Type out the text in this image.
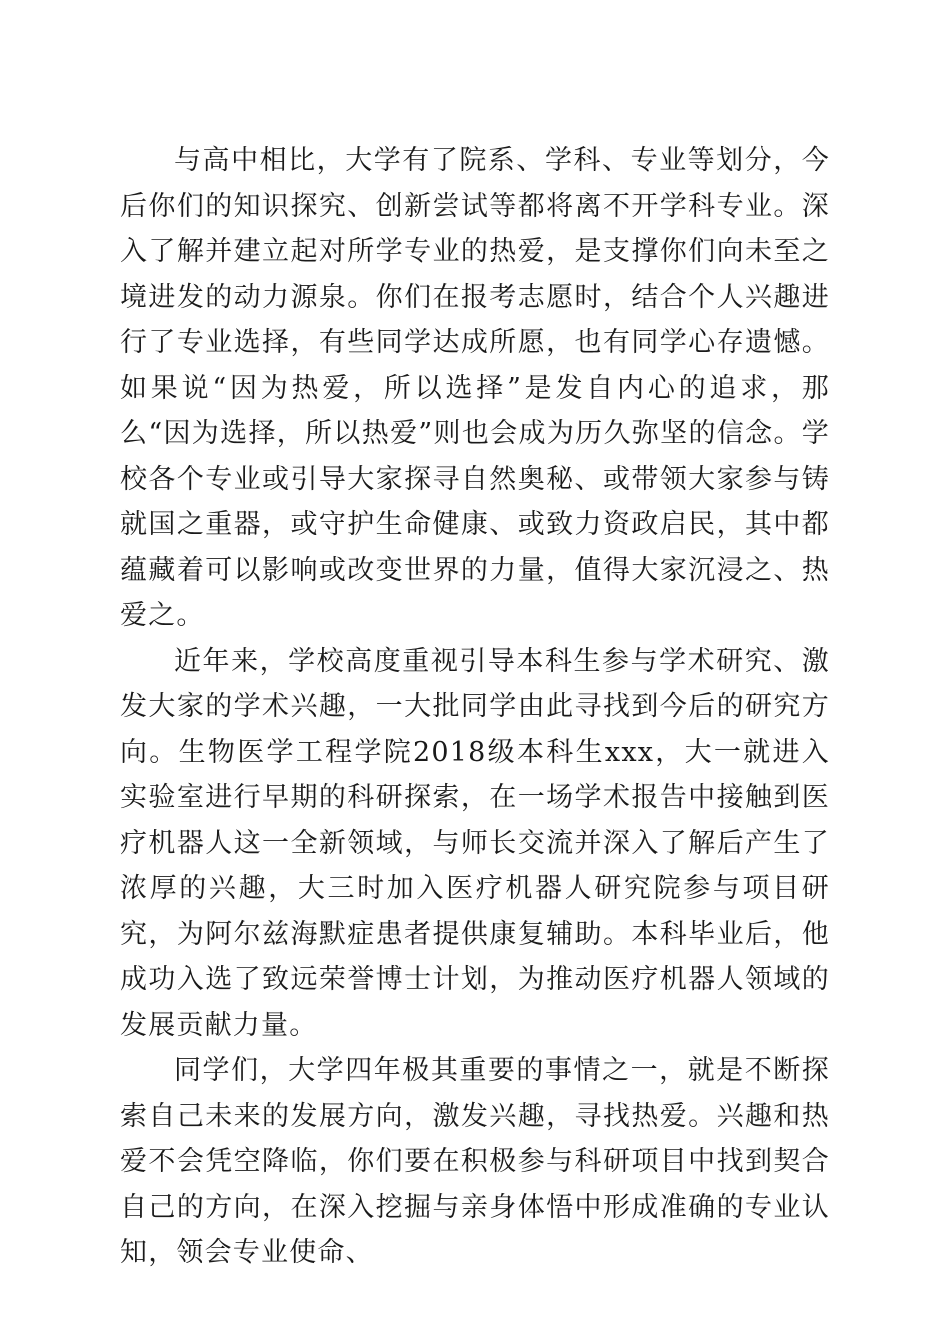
与高中相比，大学有了院系、学科、专业等划分，今后你们的知识探究、创新尝试等都将离不开学科专业。深入了解并建立起对所学专业的热爱，是支撑你们向未至之境进发的动力源泉。你们在报考志愿时，结合个人兴趣进行了专业选择，有些同学达成所愿，也有同学心存遗憾。如果说“因为热爱，所以选择”是发自内心的追求，那么“因为选择，所以热爱”则也会成为历久弥坚的信念。学校各个专业或引导大家探寻自然奥秘、或带领大家参与铸就国之重器，或守护生命健康、或致力资政启民，其中都蕴藏着可以影响或改变世界的力量，值得大家沉浸之、热爱之。

近年来，学校高度重视引导本科生参与学术研究、激发大家的学术兴趣，一大批同学由此寻找到今后的研究方向。生物医学工程学院2018级本科生xxx，大一就进入实验室进行早期的科研探索，在一场学术报告中接触到医疗机器人这一全新领域，与师长交流并深入了解后产生了浓厚的兴趣，大三时加入医疗机器人研究院参与项目研究，为阿尔兹海默症患者提供康复辅助。本科毕业后，他成功入选了致远荣誉博士计划，为推动医疗机器人领域的发展贡献力量。

同学们，大学四年极其重要的事情之一，就是不断探索自己未来的发展方向，激发兴趣，寻找热爱。兴趣和热爱不会凭空降临，你们要在积极参与科研项目中找到契合自己的方向，在深入挖掘与亲身体悟中形成准确的专业认知，领会专业使命、
